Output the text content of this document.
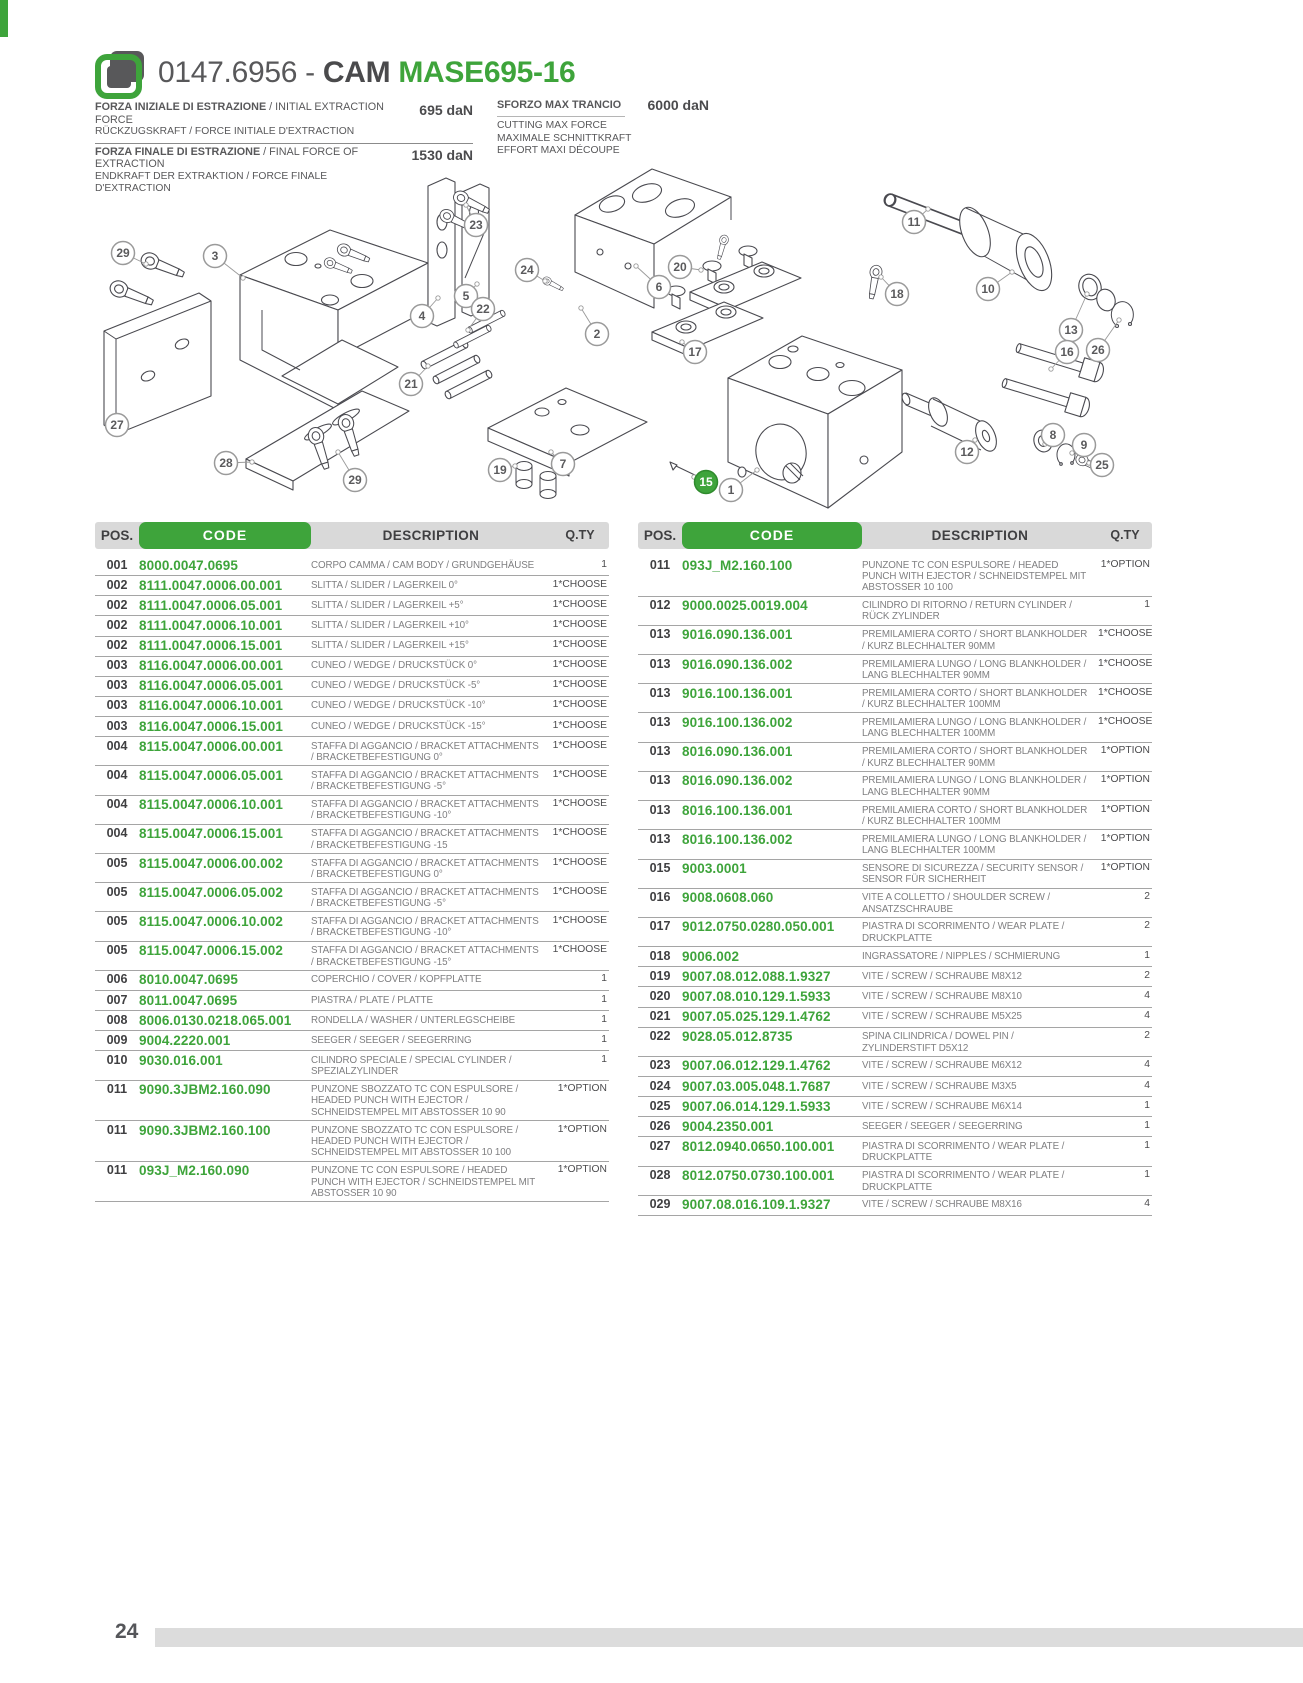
0147.6956 - CAM MASE695-16
FORZA INIZIALE DI ESTRAZIONE / INITIAL EXTRACTION FORCE
RÜCKZUGSKRAFT / FORCE INITIALE D'EXTRACTION
695 daN
FORZA FINALE DI ESTRAZIONE / FINAL FORCE OF EXTRACTION
ENDKRAFT DER EXTRAKTION / FORCE FINALE D'EXTRACTION
1530 daN
SFORZO MAX TRANCIO 6000 daN
CUTTING MAX FORCE
MAXIMALE SCHNITTKRAFT
EFFORT MAXI DÉCOUPE
29	3
23
24
5
22
4
2
6
20
17
21
18
11
10
13
16 26
27
28
29
19	7
15
1
12
8
9
25
POS.	CODE	DESCRIPTION	Q.TY
001 8000.0047.0695	CORPO CAMMA / CAM BODY / GRUNDGEHÄUSE	1
002 8111.0047.0006.00.001	SLITTA / SLIDER / LAGERKEIL 0°	1*CHOOSE
002 8111.0047.0006.05.001	SLITTA / SLIDER / LAGERKEIL +5°	1*CHOOSE
002 8111.0047.0006.10.001	SLITTA / SLIDER / LAGERKEIL +10°	1*CHOOSE
002 8111.0047.0006.15.001	SLITTA / SLIDER / LAGERKEIL +15°	1*CHOOSE
003 8116.0047.0006.00.001	CUNEO / WEDGE / DRUCKSTÜCK 0°	1*CHOOSE
003 8116.0047.0006.05.001	CUNEO / WEDGE / DRUCKSTÜCK -5°	1*CHOOSE
003 8116.0047.0006.10.001	CUNEO / WEDGE / DRUCKSTÜCK -10°	1*CHOOSE
003 8116.0047.0006.15.001	CUNEO / WEDGE / DRUCKSTÜCK -15°	1*CHOOSE
004 8115.0047.0006.00.001	STAFFA DI AGGANCIO / BRACKET ATTACHMENTS / BRACKETBEFESTIGUNG 0°
1*CHOOSE
004 8115.0047.0006.05.001	STAFFA DI AGGANCIO / BRACKET ATTACHMENTS / BRACKETBEFESTIGUNG -5°
1*CHOOSE
004 8115.0047.0006.10.001	STAFFA DI AGGANCIO / BRACKET ATTACHMENTS / BRACKETBEFESTIGUNG -10°
1*CHOOSE
004 8115.0047.0006.15.001	STAFFA DI AGGANCIO / BRACKET ATTACHMENTS / BRACKETBEFESTIGUNG -15
1*CHOOSE
005 8115.0047.0006.00.002	STAFFA DI AGGANCIO / BRACKET ATTACHMENTS / BRACKETBEFESTIGUNG 0°
1*CHOOSE
005 8115.0047.0006.05.002	STAFFA DI AGGANCIO / BRACKET ATTACHMENTS / BRACKETBEFESTIGUNG -5°
1*CHOOSE
005 8115.0047.0006.10.002	STAFFA DI AGGANCIO / BRACKET ATTACHMENTS / BRACKETBEFESTIGUNG -10°
1*CHOOSE
005 8115.0047.0006.15.002	STAFFA DI AGGANCIO / BRACKET ATTACHMENTS / BRACKETBEFESTIGUNG -15°
1*CHOOSE
006 8010.0047.0695	COPERCHIO / COVER / KOPFPLATTE	1
007 8011.0047.0695	PIASTRA / PLATE / PLATTE	1
008 8006.0130.0218.065.001	RONDELLA / WASHER / UNTERLEGSCHEIBE	1
009 9004.2220.001	SEEGER / SEEGER / SEEGERRING	1
010 9030.016.001	CILINDRO SPECIALE / SPECIAL CYLINDER / SPEZIALZYLINDER
1
011 9090.3JBM2.160.090	PUNZONE SBOZZATO TC CON ESPULSORE / HEADED PUNCH WITH EJECTOR / SCHNEIDSTEMPEL MIT ABSTOSSER 10 90
1*OPTION
011 9090.3JBM2.160.100	PUNZONE SBOZZATO TC CON ESPULSORE / HEADED PUNCH WITH EJECTOR / SCHNEIDSTEMPEL MIT ABSTOSSER 10 100
1*OPTION
011 093J_M2.160.090	PUNZONE TC CON ESPULSORE / HEADED PUNCH WITH EJECTOR / SCHNEIDSTEMPEL MIT ABSTOSSER 10 90
1*OPTION
POS.	CODE	DESCRIPTION	Q.TY
011 093J_M2.160.100	PUNZONE TC CON ESPULSORE / HEADED PUNCH WITH EJECTOR / SCHNEIDSTEMPEL MIT ABSTOSSER 10 100
1*OPTION
012 9000.0025.0019.004	CILINDRO DI RITORNO / RETURN CYLINDER / RÜCK ZYLINDER
1
013 9016.090.136.001	PREMILAMIERA CORTO / SHORT BLANKHOLDER / KURZ BLECHHALTER 90MM
1*CHOOSE
013 9016.090.136.002	PREMILAMIERA LUNGO / LONG BLANKHOLDER / LANG BLECHHALTER 90MM
1*CHOOSE
013 9016.100.136.001	PREMILAMIERA CORTO / SHORT BLANKHOLDER / KURZ BLECHHALTER 100MM
1*CHOOSE
013 9016.100.136.002	PREMILAMIERA LUNGO / LONG BLANKHOLDER / LANG BLECHHALTER 100MM
1*CHOOSE
013 8016.090.136.001	PREMILAMIERA CORTO / SHORT BLANKHOLDER / KURZ BLECHHALTER 90MM
1*OPTION
013 8016.090.136.002	PREMILAMIERA LUNGO / LONG BLANKHOLDER / LANG BLECHHALTER 90MM
1*OPTION
013 8016.100.136.001	PREMILAMIERA CORTO / SHORT BLANKHOLDER / KURZ BLECHHALTER 100MM
1*OPTION
013 8016.100.136.002	PREMILAMIERA LUNGO / LONG BLANKHOLDER / LANG BLECHHALTER 100MM
1*OPTION
015 9003.0001	SENSORE DI SICUREZZA / SECURITY SENSOR / SENSOR FÜR SICHERHEIT
1*OPTION
016 9008.0608.060	VITE A COLLETTO / SHOULDER SCREW / ANSATZSCHRAUBE
2
017 9012.0750.0280.050.001	PIASTRA DI SCORRIMENTO / WEAR PLATE / DRUCKPLATTE
2
018 9006.002	INGRASSATORE / NIPPLES / SCHMIERUNG	1
019 9007.08.012.088.1.9327	VITE / SCREW / SCHRAUBE M8X12	2
020 9007.08.010.129.1.5933	VITE / SCREW / SCHRAUBE M8X10	4
021 9007.05.025.129.1.4762	VITE / SCREW / SCHRAUBE M5X25	4
022 9028.05.012.8735	SPINA CILINDRICA / DOWEL PIN / ZYLINDERSTIFT D5X12
2
023 9007.06.012.129.1.4762	VITE / SCREW / SCHRAUBE M6X12	4
024 9007.03.005.048.1.7687	VITE / SCREW / SCHRAUBE M3X5	4
025 9007.06.014.129.1.5933	VITE / SCREW / SCHRAUBE M6X14	1
026 9004.2350.001	SEEGER / SEEGER / SEEGERRING	1
027 8012.0940.0650.100.001	PIASTRA DI SCORRIMENTO / WEAR PLATE / DRUCKPLATTE
1
028 8012.0750.0730.100.001	PIASTRA DI SCORRIMENTO / WEAR PLATE / DRUCKPLATTE
1
029 9007.08.016.109.1.9327	VITE / SCREW / SCHRAUBE M8X16	4
24
